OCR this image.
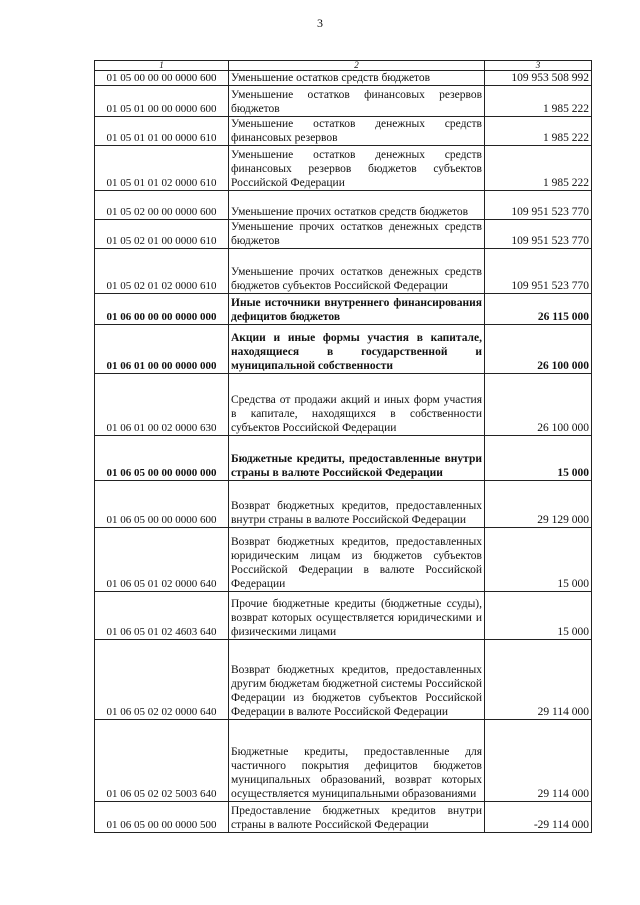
3
1	2	3
01 05 00 00 00 0000 600	Уменьшение остатков средств бюджетов	109 953 508 992
01 05 01 00 00 0000 600	Уменьшение остатков финансовых резервов бюджетов	1 985 222
01 05 01 01 00 0000 610	Уменьшение остатков денежных средств финансовых резервов	1 985 222
01 05 01 01 02 0000 610	Уменьшение остатков денежных средств финансовых резервов бюджетов субъектов Российской Федерации	1 985 222
01 05 02 00 00 0000 600	Уменьшение прочих остатков средств бюджетов	109 951 523 770
01 05 02 01 00 0000 610	Уменьшение прочих остатков денежных средств бюджетов	109 951 523 770
01 05 02 01 02 0000 610	Уменьшение прочих остатков денежных средств бюджетов субъектов Российской Федерации	109 951 523 770
01 06 00 00 00 0000 000	Иные источники внутреннего финансирования дефицитов бюджетов	26 115 000
01 06 01 00 00 0000 000	Акции и иные формы участия в капитале, находящиеся в государственной и муниципальной собственности	26 100 000
01 06 01 00 02 0000 630	Средства от продажи акций и иных форм участия в капитале, находящихся в собственности субъектов Российской Федерации	26 100 000
01 06 05 00 00 0000 000	Бюджетные кредиты, предоставленные внутри страны в валюте Российской Федерации	15 000
01 06 05 00 00 0000 600	Возврат бюджетных кредитов, предоставленных внутри страны в валюте Российской Федерации	29 129 000
01 06 05 01 02 0000 640	Возврат бюджетных кредитов, предоставленных юридическим лицам из бюджетов субъектов Российской Федерации в валюте Российской Федерации	15 000
01 06 05 01 02 4603 640	Прочие бюджетные кредиты (бюджетные ссуды), возврат которых осуществляется юридическими и физическими лицами	15 000
01 06 05 02 02 0000 640	Возврат бюджетных кредитов, предоставленных другим бюджетам бюджетной системы Российской Федерации из бюджетов субъектов Российской Федерации в валюте Российской Федерации	29 114 000
01 06 05 02 02 5003 640	Бюджетные кредиты, предоставленные для частичного покрытия дефицитов бюджетов муниципальных образований, возврат которых осуществляется муниципальными образованиями	29 114 000
01 06 05 00 00 0000 500	Предоставление бюджетных кредитов внутри страны в валюте Российской Федерации	-29 114 000
